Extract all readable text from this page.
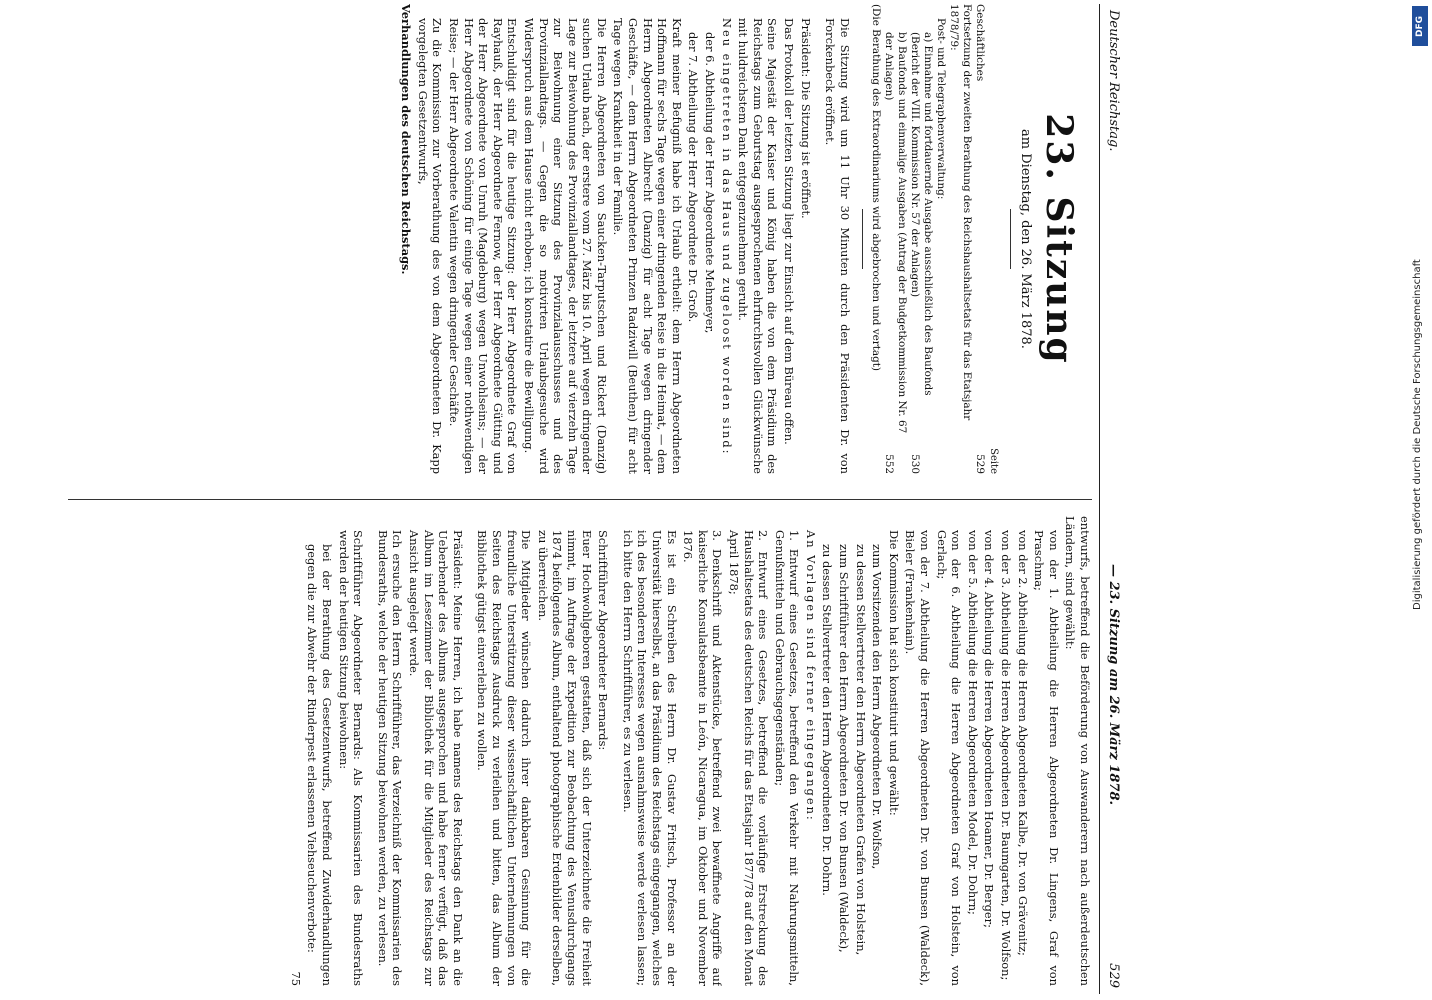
Deutscher Reichstag.
— 23. Sitzung am 26. März 1878.
529
23. Sitzung
am Dienstag, den 26. März 1878.
Seite
Geschäftliches
529
Fortsetzung der zweiten Berathung des Reichshaushaltsetats für das Etatsjahr 1878/79:
Post- und Telegraphenverwaltung:
a) Einnahme und fortdauernde Ausgabe ausschließlich des Baufonds (Bericht der VIII. Kommission Nr. 57 der Anlagen)
530
b) Baufonds und einmalige Ausgaben (Antrag der Budgetkommission Nr. 67 der Anlagen)
552
(Die Berathung des Extraordinariums wird abgebrochen und vertagt)

Die Sitzung wird um 11 Uhr 30 Minuten durch den Präsidenten Dr. von Forckenbeck eröffnet.

Präsident: Die Sitzung ist eröffnet.

Das Protokoll der letzten Sitzung liegt zur Einsicht auf dem Büreau offen.

Seine Majestät der Kaiser und König haben die von dem Präsidium des Reichstags zum Geburtstag ausgesprochenen ehrfurchtsvollen Glückwünsche mit huldreichstem Dank entgegenzunehmen geruht.

Neu eingetreten in das Haus und zugeloost worden sind:

der 6. Abtheilung der Herr Abgeordnete Mehmeyer,

der 7. Abtheilung der Herr Abgeordnete Dr. Groß.

Kraft meiner Befugniß habe ich Urlaub ertheilt: dem Herrn Abgeordneten Hoffmann für sechs Tage wegen einer dringenden Reise in die Heimat, — dem Herrn Abgeordneten Albrecht (Danzig) für acht Tage wegen dringender Geschäfte, — dem Herrn Abgeordneten Prinzen Radziwill (Beuthen) für acht Tage wegen Krankheit in der Familie.

Die Herren Abgeordneten von Saucken-Tarputschen und Rickert (Danzig) suchen Urlaub nach, der erstere vom 27. März bis 10. April wegen dringender Lage zur Beiwohnung des Provinziallandtages, der letztere auf vierzehn Tage zur Beiwohnung einer Sitzung des Provinzialausschusses und des Provinziallandtags. — Gegen die so motivirten Urlaubsgesuche wird Widerspruch aus dem Hause nicht erhoben; ich konstatire die Bewilligung.

Entschuldigt sind für die heutige Sitzung: der Herr Abgeordnete Graf von Rayhauß, der Herr Abgeordnete Fernow, der Herr Abgeordnete Gütting und der Herr Abgeordnete von Unruh (Magdeburg) wegen Unwohlseins; — der Herr Abgeordnete von Schöning für einige Tage wegen einer nothwendigen Reise; — der Herr Abgeordnete Valentin wegen dringender Geschäfte.

Zu die Kommission zur Vorberathung des von dem Abgeordneten Dr. Kapp vorgelegten Gesetzentwurfs,

Verhandlungen des deutschen Reichstags.

entwurfs, betreffend die Beförderung von Auswanderern nach außerdeutschen Ländern, sind gewählt:

von der 1. Abtheilung die Herren Abgeordneten Dr. Lingens, Graf von Praschma;

von der 2. Abtheilung die Herren Abgeordneten Kalbe, Dr. von Grävenitz;

von der 3. Abtheilung die Herren Abgeordneten Dr. Baumgarten, Dr. Wolfson;

von der 4. Abtheilung die Herren Abgeordneten Hoamer, Dr. Berger;

von der 5. Abtheilung die Herren Abgeordneten Model, Dr. Dohrn;

von der 6. Abtheilung die Herren Abgeordneten Graf von Holstein, von Gerlach;

von der 7. Abtheilung die Herren Abgeordneten Dr. von Bunsen (Waldeck), Bieler (Frankenhain).

Die Kommission hat sich konstituirt und gewählt:

zum Vorsitzenden den Herrn Abgeordneten Dr. Wolfson,

zu dessen Stellvertreter den Herrn Abgeordneten Grafen von Holstein,

zum Schriftführer den Herrn Abgeordneten Dr. von Bunsen (Waldeck),

zu dessen Stellvertreter den Herrn Abgeordneten Dr. Dohrn.

An Vorlagen sind ferner eingegangen:

1. Entwurf eines Gesetzes, betreffend den Verkehr mit Nahrungsmitteln, Genußmitteln und Gebrauchsgegenständen;

2. Entwurf eines Gesetzes, betreffend die vorläufige Erstreckung des Haushaltsetats des deutschen Reichs für das Etatsjahr 1877/78 auf den Monat April 1878;

3. Denkschrift und Aktenstücke, betreffend zwei bewaffnete Angriffe auf kaiserliche Konsulatsbeamte in León, Nicaragua, im Oktober und November 1876.

Es ist ein Schreiben des Herrn Dr. Gustav Fritsch, Professor an der Universität hierselbst, an das Präsidium des Reichstags eingegangen, welches ich des besonderen Interesses wegen ausnahmsweise werde verlesen lassen; ich bitte den Herrn Schriftführer, es zu verlesen.

Schriftführer Abgeordneter Bernards:

Euer Hochwohlgeboren gestatten, daß sich der Unterzeichnete die Freiheit nimmt, im Auftrage der Expedition zur Beobachtung des Venusdurchgangs 1874 beifolgendes Album, enthaltend photographische Erdenbilder derselben, zu überreichen.

Die Mitglieder wünschen dadurch ihrer dankbaren Gesinnung für die freundliche Unterstützung dieser wissenschaftlichen Unternehmungen von Seiten des Reichstags Ausdruck zu verleihen und bitten, das Album der Bibliothek gütigst einverleiben zu wollen.

Präsident: Meine Herren, ich habe namens des Reichstags den Dank an die Ueberbender des Albums ausgesprochen und habe ferner verfügt, daß das Album im Lesezimmer der Bibliothek für die Mitglieder des Reichstags zur Ansicht ausgelegt werde.

Ich ersuche den Herrn Schriftführer, das Verzeichniß der Kommissarien des Bundesraths, welche der heutigen Sitzung beiwohnen werden, zu verlesen.

Schriftführer Abgeordneter Bernards: Als Kommissarien des Bundesraths werden der heutigen Sitzung beiwohnen:

bei der Berathung des Gesetzentwurfs, betreffend Zuwiderhandlungen gegen die zur Abwehr der Rinderpest erlassenen Viehseuchenverbote:

75

DFG
Digitalisierung gefördert durch die Deutsche Forschungsgemeinschaft
